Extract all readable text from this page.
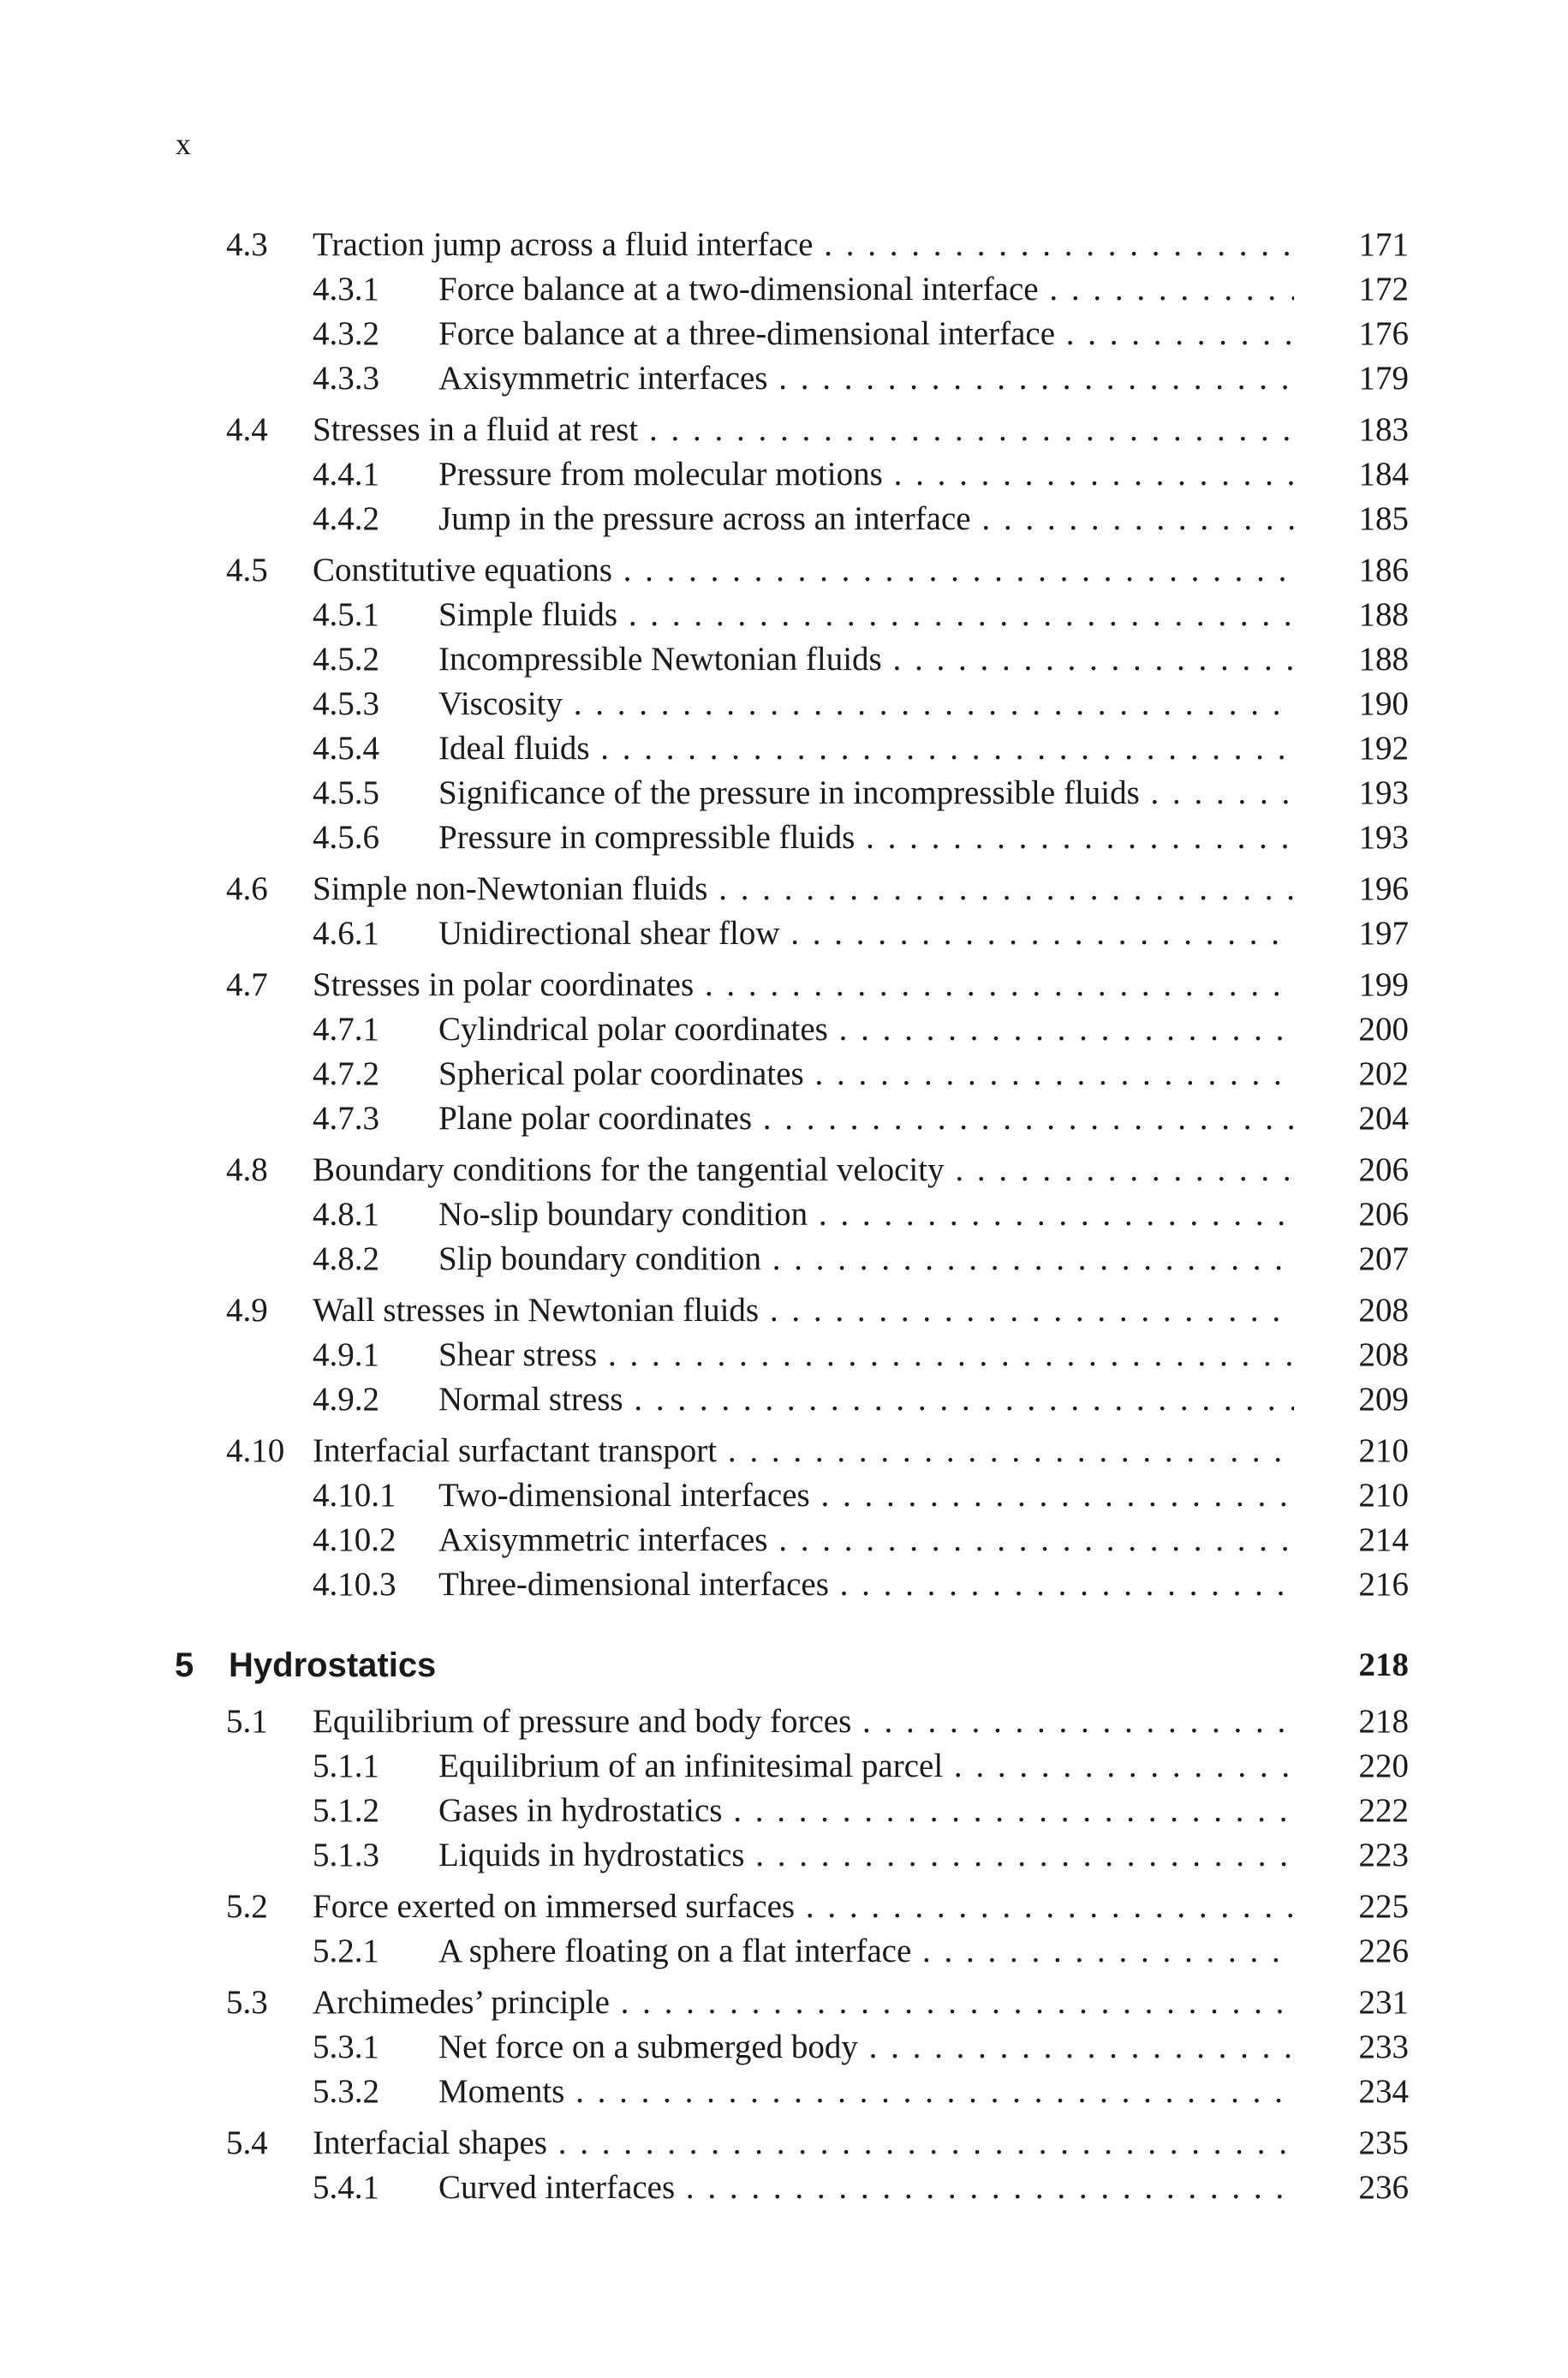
x
4.3 Traction jump across a fluid interface . . .	171
4.3.1 Force balance at a two-dimensional interface . . .	172
4.3.2 Force balance at a three-dimensional interface . . .	176
4.3.3 Axisymmetric interfaces . . .	179
4.4 Stresses in a fluid at rest . . .	183
4.4.1 Pressure from molecular motions . . .	184
4.4.2 Jump in the pressure across an interface . . .	185
4.5 Constitutive equations . . .	186
4.5.1 Simple fluids . . .	188
4.5.2 Incompressible Newtonian fluids . . .	188
4.5.3 Viscosity . . .	190
4.5.4 Ideal fluids . . .	192
4.5.5 Significance of the pressure in incompressible fluids . . .	193
4.5.6 Pressure in compressible fluids . . .	193
4.6 Simple non-Newtonian fluids . . .	196
4.6.1 Unidirectional shear flow . . .	197
4.7 Stresses in polar coordinates . . .	199
4.7.1 Cylindrical polar coordinates . . .	200
4.7.2 Spherical polar coordinates . . .	202
4.7.3 Plane polar coordinates . . .	204
4.8 Boundary conditions for the tangential velocity . . .	206
4.8.1 No-slip boundary condition . . .	206
4.8.2 Slip boundary condition . . .	207
4.9 Wall stresses in Newtonian fluids . . .	208
4.9.1 Shear stress . . .	208
4.9.2 Normal stress . . .	209
4.10 Interfacial surfactant transport . . .	210
4.10.1 Two-dimensional interfaces . . .	210
4.10.2 Axisymmetric interfaces . . .	214
4.10.3 Three-dimensional interfaces . . .	216
5 Hydrostatics	218
5.1 Equilibrium of pressure and body forces . . .	218
5.1.1 Equilibrium of an infinitesimal parcel . . .	220
5.1.2 Gases in hydrostatics . . .	222
5.1.3 Liquids in hydrostatics . . .	223
5.2 Force exerted on immersed surfaces . . .	225
5.2.1 A sphere floating on a flat interface . . .	226
5.3 Archimedes’ principle . . .	231
5.3.1 Net force on a submerged body . . .	233
5.3.2 Moments . . .	234
5.4 Interfacial shapes . . .	235
5.4.1 Curved interfaces . . .	236
